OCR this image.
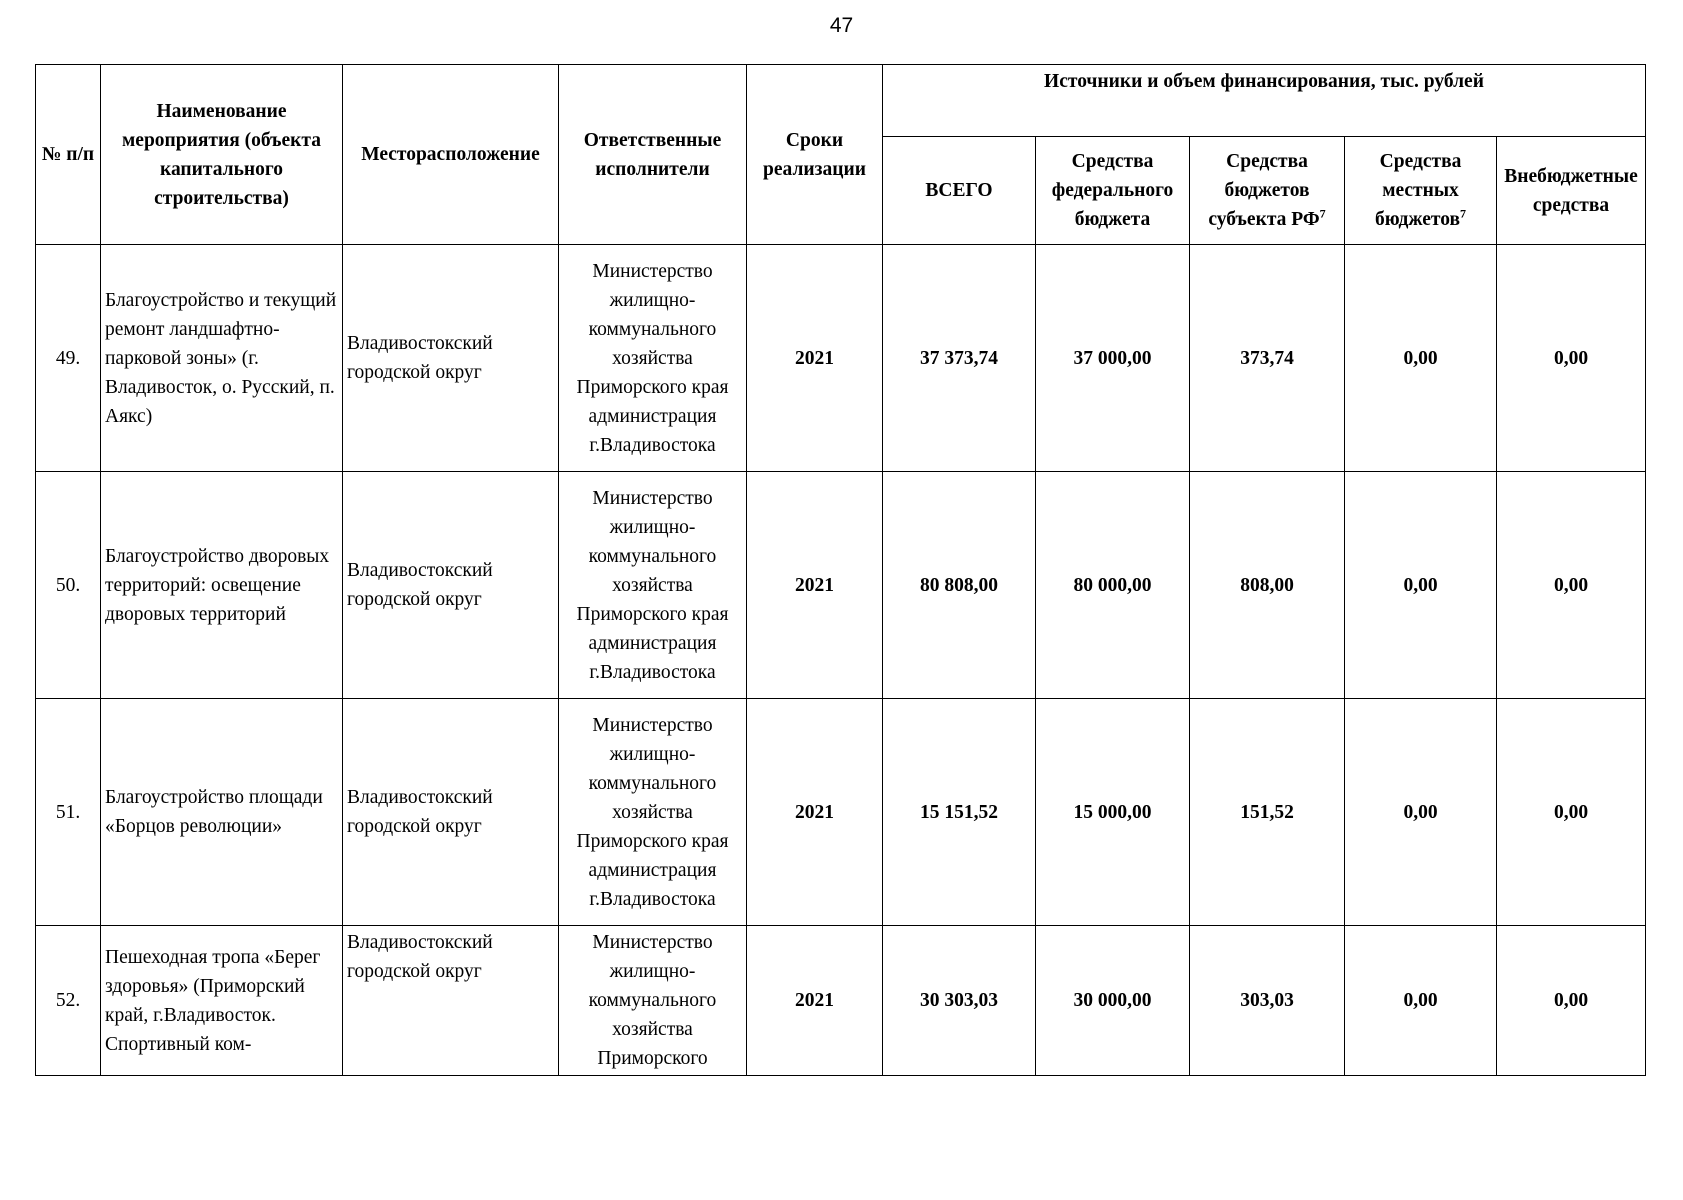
47
№ п/п	Наименование мероприятия (объекта капитального строительства)	Месторасположение	Ответственные исполнители	Сроки реализации	Источники и объем финансирования, тыс. рублей				
					ВСЕГО	Средства федерального бюджета	Средства бюджетов субъекта $РФ^7$	Средства местных бюджетов$^7$	Внебюджетные средства
49.	Благоустройство и текущий ремонт ландшафтно-парковой зоны» (г. Владивосток, о. Русский, п. Аякс)	Владивостокский городской округ	Министерство жилищно-коммунального хозяйства Приморского края администрация г.Владивостока	2021	37 373,74	37 000,00	373,74	0,00	0,00
50.	Благоустройство дворовых территорий: освещение дворовых территорий	Владивостокский городской округ	Министерство жилищно-коммунального хозяйства Приморского края администрация г.Владивостока	2021	80 808,00	80 000,00	808,00	0,00	0,00
51.	Благоустройство площади «Борцов революции»	Владивостокский городской округ	Министерство жилищно-коммунального хозяйства Приморского края администрация г.Владивостока	2021	15 151,52	15 000,00	151,52	0,00	0,00
52.	Пешеходная тропа «Берег здоровья» (Приморский край, г.Владивосток. Спортивный ком-	Владивостокский городской округ	Министерство жилищно-коммунального хозяйства Приморского	2021	30 303,03	30 000,00	303,03	0,00	0,00
